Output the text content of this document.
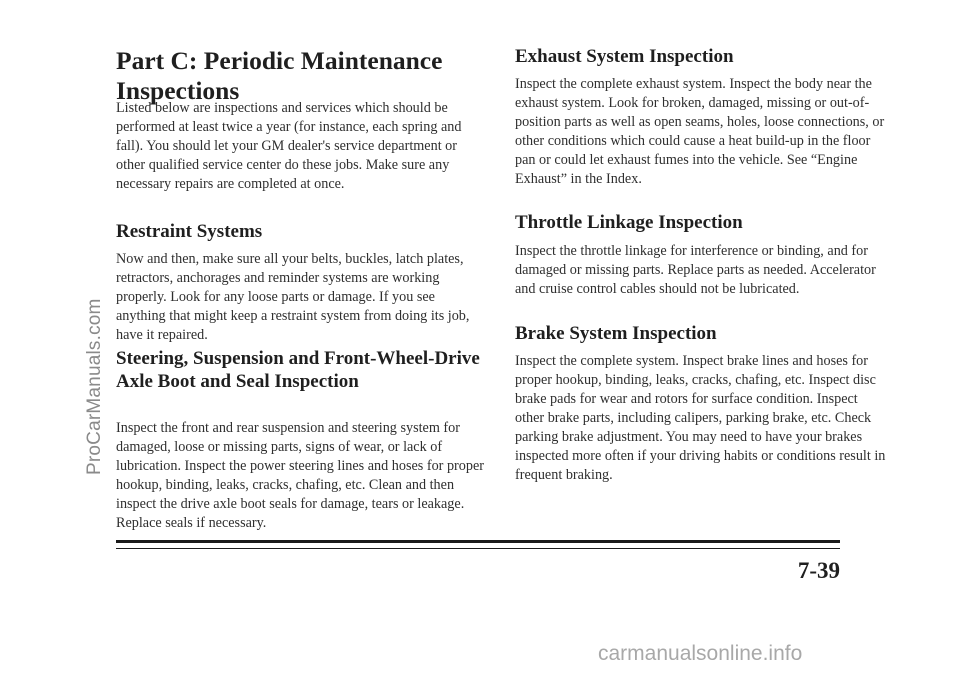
Part C: Periodic Maintenance Inspections

Listed below are inspections and services which should be performed at least twice a year (for instance, each spring and fall). You should let your GM dealer's service department or other qualified service center do these jobs. Make sure any necessary repairs are completed at once.

Restraint Systems

Now and then, make sure all your belts, buckles, latch plates, retractors, anchorages and reminder systems are working properly. Look for any loose parts or damage. If you see anything that might keep a restraint system from doing its job, have it repaired.

Steering, Suspension and Front-Wheel-Drive Axle Boot and Seal Inspection

Inspect the front and rear suspension and steering system for damaged, loose or missing parts, signs of wear, or lack of lubrication. Inspect the power steering lines and hoses for proper hookup, binding, leaks, cracks, chafing, etc. Clean and then inspect the drive axle boot seals for damage, tears or leakage. Replace seals if necessary.

Exhaust System Inspection

Inspect the complete exhaust system. Inspect the body near the exhaust system. Look for broken, damaged, missing or out-of-position parts as well as open seams, holes, loose connections, or other conditions which could cause a heat build-up in the floor pan or could let exhaust fumes into the vehicle. See “Engine Exhaust” in the Index.

Throttle Linkage Inspection

Inspect the throttle linkage for interference or binding, and for damaged or missing parts. Replace parts as needed. Accelerator and cruise control cables should not be lubricated.

Brake System Inspection

Inspect the complete system. Inspect brake lines and hoses for proper hookup, binding, leaks, cracks, chafing, etc. Inspect disc brake pads for wear and rotors for surface condition. Inspect other brake parts, including calipers, parking brake, etc. Check parking brake adjustment. You may need to have your brakes inspected more often if your driving habits or conditions result in frequent braking.

7-39
ProCarManuals.com
carmanualsonline.info
